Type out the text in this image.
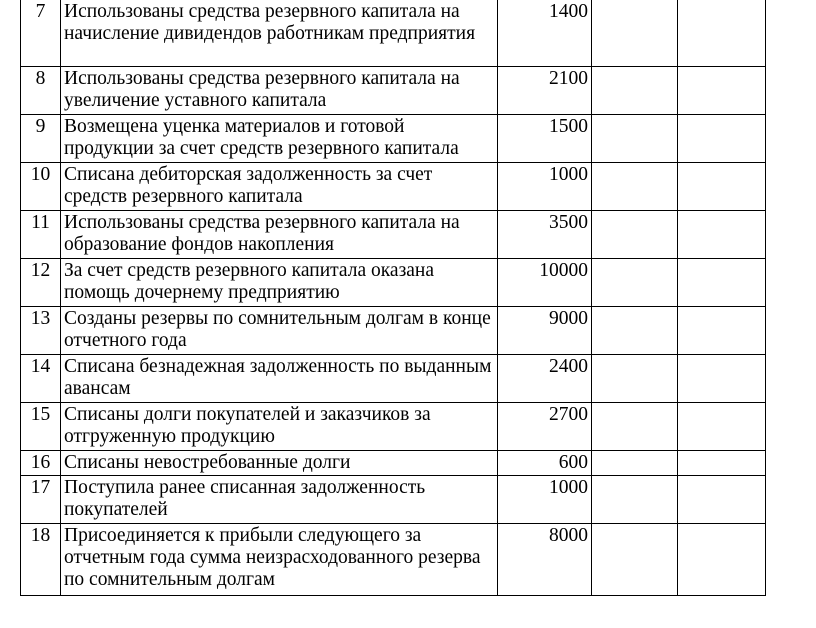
7	Использованы средства резервного капитала на начисление дивидендов работникам предприятия	1400		
8	Использованы средства резервного капитала на увеличение уставного капитала	2100		
9	Возмещена уценка материалов и готовой продукции за счет средств резервного капитала	1500		
10	Списана дебиторская задолженность за счет средств резервного капитала	1000		
11	Использованы средства резервного капитала на образование фондов накопления	3500		
12	За счет средств резервного капитала оказана помощь дочернему предприятию	10000		
13	Созданы резервы по сомнительным долгам в конце отчетного года	9000		
14	Списана безнадежная задолженность по выданным авансам	2400		
15	Списаны долги покупателей и заказчиков за отгруженную продукцию	2700		
16	Списаны невостребованные долги	600		
17	Поступила ранее списанная задолженность покупателей	1000		
18	Присоединяется к прибыли следующего за отчетным года сумма неизрасходованного резерва по сомнительным долгам	8000		
